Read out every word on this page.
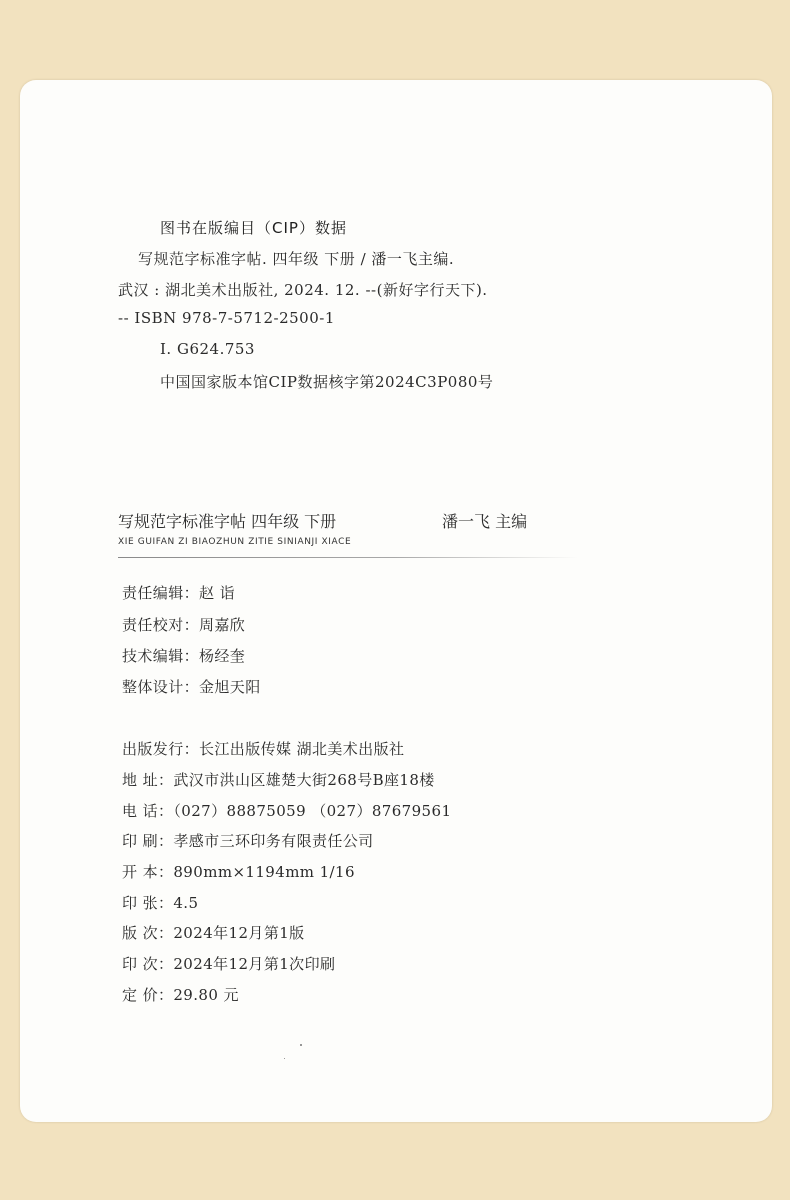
图书在版编目（CIP）数据
写规范字标准字帖. 四年级 下册 / 潘一飞主编.
武汉 : 湖北美术出版社, 2024. 12. --(新好字行天下).
-- ISBN 978-7-5712-2500-1
Ⅰ. G624.753
中国国家版本馆CIP数据核字第2024C3P080号
写规范字标准字帖 四年级 下册	潘一飞 主编
XIE GUIFAN ZI BIAOZHUN ZITIE SINIANJI XIACE
责任编辑：赵 诣
责任校对：周嘉欣
技术编辑：杨经奎
整体设计：金旭天阳
出版发行：长江出版传媒 湖北美术出版社
地 址：武汉市洪山区雄楚大街268号B座18楼
电 话：（027）88875059 （027）87679561
印 刷：孝感市三环印务有限责任公司
开 本：890mm×1194mm 1/16
印 张：4.5
版 次：2024年12月第1版
印 次：2024年12月第1次印刷
定 价：29.80 元
